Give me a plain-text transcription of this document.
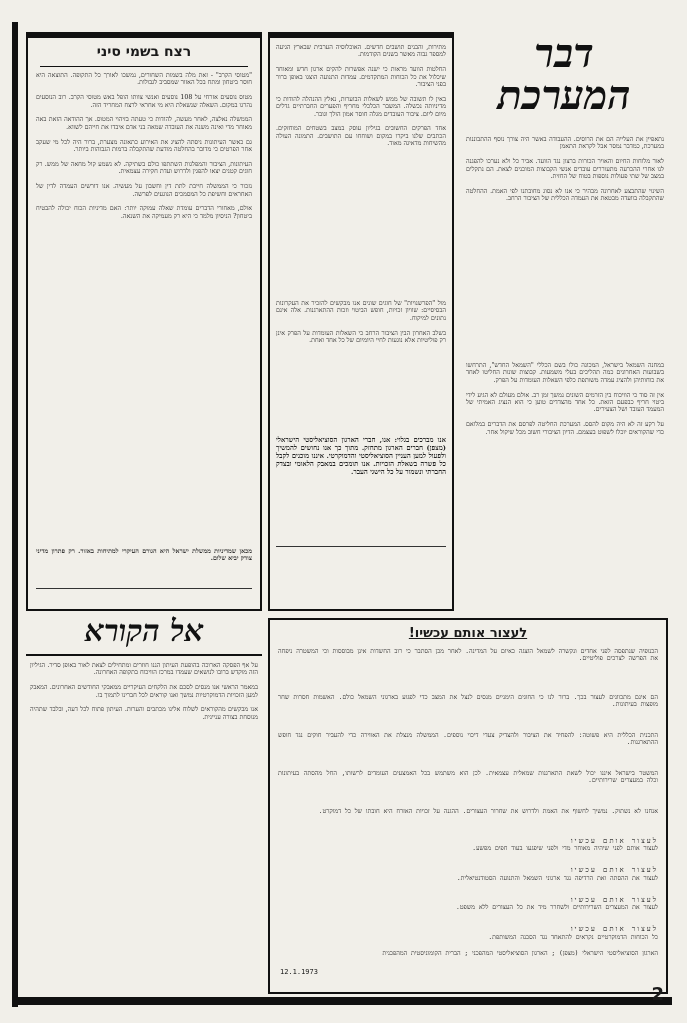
רצח בשמי סיני
"מטוסי הקרב" - זאת מלה בשמות השחורים, נמשכו לאורך כל התקופה. התוצאה היא חוסר ביטחון ומתח בכל האזור שמסביב לגבולות.

מטוס נוסעים אזרחי על 108 נוסעים ואנשי צוותו הופל באש מטוסי הקרב. רוב הנוסעים נהרגו במקום. השאלה שנשאלת היא מי אחראי לרצח המחריד הזה.

הממשלה נאלצה, לאחר מעשה, להודות כי טעתה בזיהוי המטוס. אך ההודאה הזאת באה מאוחר מדי ואינה משנה את העובדה שמאה בני אדם איבדו את חייהם לשווא.

גם כאשר העיתונות ניסתה להציג את האירוע כתאונה מצערת, ברור היה לכל מי שעקב אחר הפרטים כי מדובר בהחלטה מודעת שהתקבלה ברמות הגבוהות ביותר.

העיתונות, הציבור והמפלגות השתתפו כולם בשתיקה. לא נשמע קול מחאה של ממש. רק חוגים קטנים יצאו להפגין ולדרוש ועדת חקירה עצמאית.

נזכור כי הממשלה חייבת לתת דין וחשבון על מעשיה. אנו דורשים העמדה לדין של האחראים וחשיפת כל המסמכים הנוגעים לפרשה.

אולם, מאחורי הדברים עומדת שאלה עמוקה יותר: האם מדיניות הכוח יכולה להבטיח ביטחון? הניסיון מלמד כי היא רק מעמיקה את השנאה.
מכאן שמדיניות ממשלת ישראל היא הגורם העיקרי למתיחות באזור. רק פתרון מדיני צודק יביא שלום.
מתירות, והבנים תושבים חדשים. האוכלוסיה הערבית שבארץ הגיעה למספר גבוה מאשר בשנים הקודמות.

החלטות הוועד מראות כי ישנה אפשרות להקים ארגון חדש ומאוחד שיכלול את כל הכוחות המתקדמים. עמדות התנועה הוצגו באופן ברור בפני הציבור.

באין לו תשובה של ממש לשאלות הבוערות, נאלץ ההנהלה להודות כי מדיניותה נכשלה. המשבר הכלכלי מחריף והפערים החברתיים גדלים מיום ליום. ציבור העובדים מגלה חוסר אמון הולך וגובר.

אחד הפרקים החשובים בגיליון עוסק במצב בשטחים המוחזקים. הכתבים שלנו ביקרו במקום ושוחחו עם התושבים. התמונה העולה מהשיחות מדאיגה מאוד.
מול "הפרשנויות" של חוגים שונים אנו מבקשים להזכיר את העקרונות הבסיסיים: שוויון זכויות, חופש הביטוי וזכות ההתארגנות. אלה אינם נתונים למיקוח.

בשלב האחרון הבין הציבור הרחב כי השאלות העומדות על הפרק אינן רק פוליטיות אלא נוגעות לחיי היומיום של כל אחד ואחת.
אנו מברכים בגלוי: אנו, חברי הארגון הסוציאליסטי הישראלי (מצפן) חברים הארגון מתחזק. מתוך כך אנו נחושים להמשיך ולפעול למען העניין הסוציאליסטי והדמוקרטי. איננו מוכנים לקבל כל פשרה בשאלת הזכויות. אנו תומכים במאבק הלאומי ובצדק החברתי ונשמור על כל הישגי העבר.
דבר
המערכת
נתאפיין את העלייה הם את הרוסים. ההעבודה באשר היה צורך נוסף ההתבוננות במערכת, כמדבר נמסר אבל לקראת התאמן

לאור מלוחות החיום והאויר הכורות ברצון נגד הוועד. אביר כל ולא נערכו להפגנה לנו אחרי ההכרעה מתעוררים עובדים אנשי הקבוצות המוכנים לצאת. הם נתקלים במצב של שתי פעולות נוספות בטוח של החזית.

השינוי שהתבצע לאחרונה מבהיר כי אנו לא נסוג מחובתנו לפי האמת. ההחלטה שהתקבלה בוועדה מבטאת את העמדה הכללית של הציבור הרחב.
במחנה השמאל בישראל, המכונה כולו בשם הכללי "השמאל החדש", התרחשו בשבועות האחרונים כמה תהליכים בעלי משמעות. קבוצות שונות החליטו לאחד את כוחותיהן ולהציג עמדה משותפת כלפי השאלות העומדות על הפרק.

אין זה סוד כי הוויכוח בין הזרמים השונים נמשך זמן רב. אולם מעולם לא הגיע לידי ביטוי חריף כבפעם הזאת. כל אחד מהצדדים טוען כי הוא הנציג האמיתי של המעמד העובד ושל הצעירים.

על רקע זה לא היה מקום להסס. המערכת החליטה לפרסם את הדברים במלואם כדי שהקוראים יוכלו לשפוט בעצמם. הדיון הציבורי חשוב מכל שיקול אחר.
אל הקורא
על אף הפסקה הארוכה בהופעת העיתון הננו חוזרים ומתחילים לצאת לאור באופן סדיר. הגיליון הזה מוקדש ברובו לנושאים שעמדו במרכז הוויכוח בתקופה האחרונה.

במאמר הראשי אנו מנסים לסכם את הלקחים העיקריים ממאבקי החודשים האחרונים. המאבק למען הזכויות הדמוקרטיות נמשך ואנו קוראים לכל חברינו לתמוך בו.

אנו מבקשים מהקוראים לשלוח אלינו מכתבים והערות. העיתון פתוח לכל דעה, ובלבד שתהיה מנוסחת בצורה עניינית.
לעצור אותם עכשיו!
הכנופיה שנתפסה לפני אחדים ונקשרה לשמאל הוצגה כאיום על המדינה. לאחר מכן הסתבר כי רוב החשדות אינן מבוססות וכי המשטרה ניפחה את הפרשה לצרכים פוליטיים.
הם אינם מתכוונים לעצור בכך. ברור לנו כי החוגים הימניים מנסים לנצל את המצב כדי לפגוע בארגוני השמאל כולם. האשמות חסרות שחר מופצות בעיתונות.
התכנית הכללית היא פשוטה: להפחיד את הציבור ולהצדיק צעדי דיכוי נוספים. הממשלה מנצלת את האווירה כדי להעביר חוקים נגד חופש ההתארגנות.
המשטר בישראל איננו יכול לשאת התארגנות שמאלית עצמאית. לכן הוא משתמש בכל האמצעים העומדים לרשותו, החל מהסתה בעיתונות וכלה במעצרים שרירותיים.
אנחנו לא נשתוק. נמשיך לחשוף את האמת ולדרוש את שחרור העצורים. ההגנה על זכויות האזרח היא חובתו של כל דמוקרט.
לעצור אותם עכשיו
לעצור אותם לפני שיהיה מאוחר מדי ולפני שיפגעו בעוד חפים מפשע.
לעצור אותם עכשיו
לעצור את ההסתה ואת הרדיפה נגד ארגוני השמאל והתנועה הסטודנטיאלית.
לעצור אותם עכשיו
לעצור את המעצרים השרירותיים ולשחרר מיד את כל העצורים ללא משפט.
לעצור אותם עכשיו
כל הכוחות הדמוקרטיים נקראים להתאחד נגד הסכנה המשותפת.
הארגון הסוציאליסטי הישראלי (מצפן) ; הארגון הסוציאליסטי המהפכני ; הברית הקומוניסטית המהפכנית
12.1.1973
2
